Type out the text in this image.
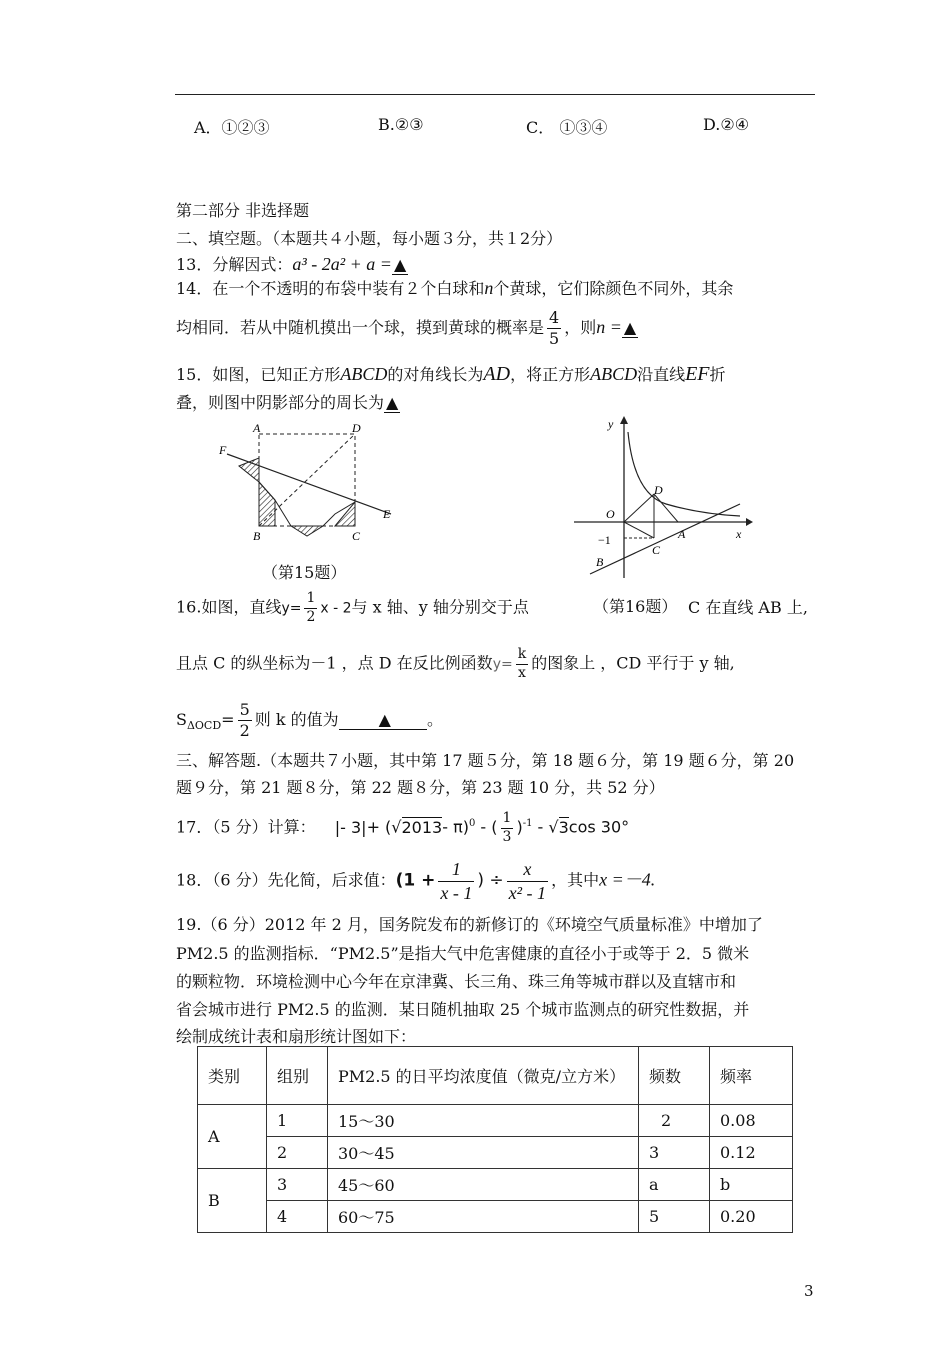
A．①②③	B.②③	C． ①③④	D.②④
第二部分 非选择题
二、填空题。（本题共４小题，每小题３分，共１2分）
13．分解因式：a³ - 2a² + a = ▲
14．在一个不透明的布袋中装有２个白球和n个黄球，它们除颜色不同外，其余
均相同．若从中随机摸出一个球，摸到黄球的概率是 $\frac{4}{5}$ ，则n = ▲
15．如图，已知正方形ABCD的对角线长为AD，将正方形ABCD沿直线EF折
叠，则图中阴影部分的周长为 ▲
A	D
F
E
B	C
（第15题）
y
x
O
D
A
C
B
−1
16.如图，直线$y= \frac{1}{2}$ x - 2与 x 轴、y 轴分别交于点	（第16题） C 在直线 AB 上,
且点 C 的纵坐标为－1 ，点 D 在反比例函数$y= \frac{k}{x}$ 的图象上 ，CD 平行于 y 轴,
$S_{\Delta OCD}= \frac{5}{2}$ 则 k 的值为	▲ 。
三、解答题.（本题共７小题，其中第 17 题５分，第 18 题６分，第 19 题６分，第 20
题９分，第 21 题８分，第 22 题８分，第 23 题 10 分，共 52 分）
17．（5 分）计算： |- 3|+ (√2013- π)$^0$ - ( $\frac{1}{3} )^{-1} - √3\cos$ 30°
18．（6 分）先化简，后求值：($1 + \frac{1}{x - 1}$ ) ÷ $\frac{x}{\text{x² - 1}}$ ，其中x =－4.
19.（6 分）2012 年 2 月，国务院发布的新修订的《环境空气质量标准》中增加了
PM2.5 的监测指标．“PM2.5”是指大气中危害健康的直径小于或等于 2．5 微米
的颗粒物．环境检测中心今年在京津冀、长三角、珠三角等城市群以及直辖市和
省会城市进行 PM2.5 的监测．某日随机抽取 25 个城市监测点的研究性数据，并
绘制成统计表和扇形统计图如下：
类别	组别	PM2.5 的日平均浓度值（微克/立方米）	频数	频率
A	1	15～30	2	0.08
	2	30～45	3	0.12
B	3	45～60	a	b
	4	60～75	5	0.20
3
